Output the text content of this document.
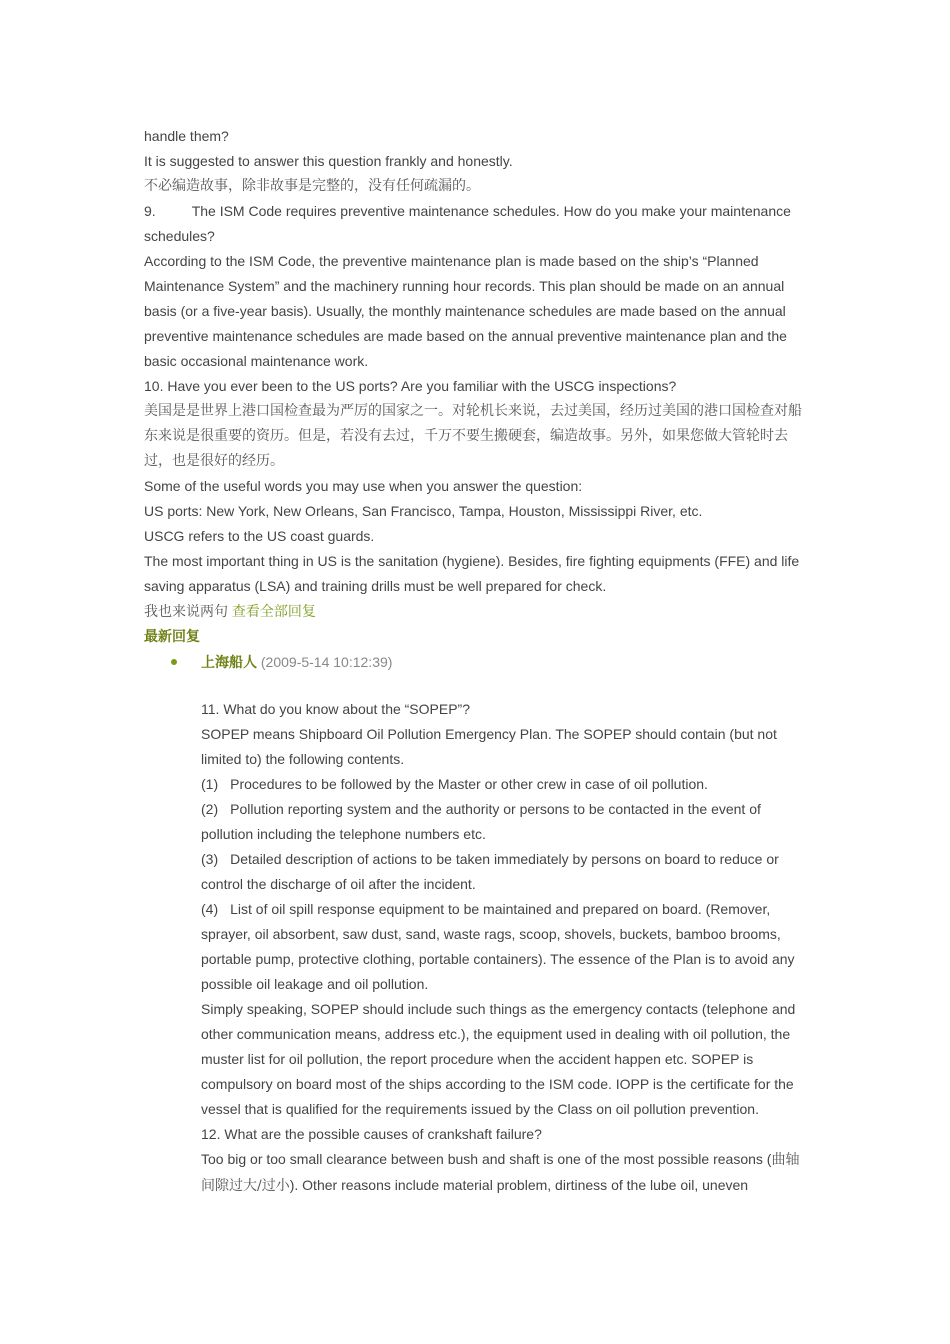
handle them?
It is suggested to answer this question frankly and honestly.
不必编造故事，除非故事是完整的，没有任何疏漏的。
9.	The ISM Code requires preventive maintenance schedules. How do you make your maintenance schedules?
According to the ISM Code, the preventive maintenance plan is made based on the ship’s “Planned Maintenance System” and the machinery running hour records. This plan should be made on an annual basis (or a five-year basis). Usually, the monthly maintenance schedules are made based on the annual preventive maintenance schedules are made based on the annual preventive maintenance plan and the basic occasional maintenance work.
10. Have you ever been to the US ports? Are you familiar with the USCG inspections?
美国是是世界上港口国检查最为严厉的国家之一。对轮机长来说，去过美国，经历过美国的港口国检查对船东来说是很重要的资历。但是，若没有去过，千万不要生搬硬套，编造故事。另外，如果您做大管轮时去过，也是很好的经历。
Some of the useful words you may use when you answer the question:
US ports: New York, New Orleans, San Francisco, Tampa, Houston, Mississippi River, etc.
USCG refers to the US coast guards.
The most important thing in US is the sanitation (hygiene). Besides, fire fighting equipments (FFE) and life saving apparatus (LSA) and training drills must be well prepared for check.
我也来说两句 查看全部回复
最新回复
上海船人 (2009-5-14 10:12:39)
11. What do you know about the “SOPEP”?
SOPEP means Shipboard Oil Pollution Emergency Plan. The SOPEP should contain (but not limited to) the following contents.
(1) Procedures to be followed by the Master or other crew in case of oil pollution.
(2) Pollution reporting system and the authority or persons to be contacted in the event of pollution including the telephone numbers etc.
(3) Detailed description of actions to be taken immediately by persons on board to reduce or control the discharge of oil after the incident.
(4) List of oil spill response equipment to be maintained and prepared on board. (Remover, sprayer, oil absorbent, saw dust, sand, waste rags, scoop, shovels, buckets, bamboo brooms, portable pump, protective clothing, portable containers). The essence of the Plan is to avoid any possible oil leakage and oil pollution.
Simply speaking, SOPEP should include such things as the emergency contacts (telephone and other communication means, address etc.), the equipment used in dealing with oil pollution, the muster list for oil pollution, the report procedure when the accident happen etc. SOPEP is compulsory on board most of the ships according to the ISM code. IOPP is the certificate for the vessel that is qualified for the requirements issued by the Class on oil pollution prevention.
12. What are the possible causes of crankshaft failure?
Too big or too small clearance between bush and shaft is one of the most possible reasons (曲轴间隙过大/过小). Other reasons include material problem, dirtiness of the lube oil, uneven
